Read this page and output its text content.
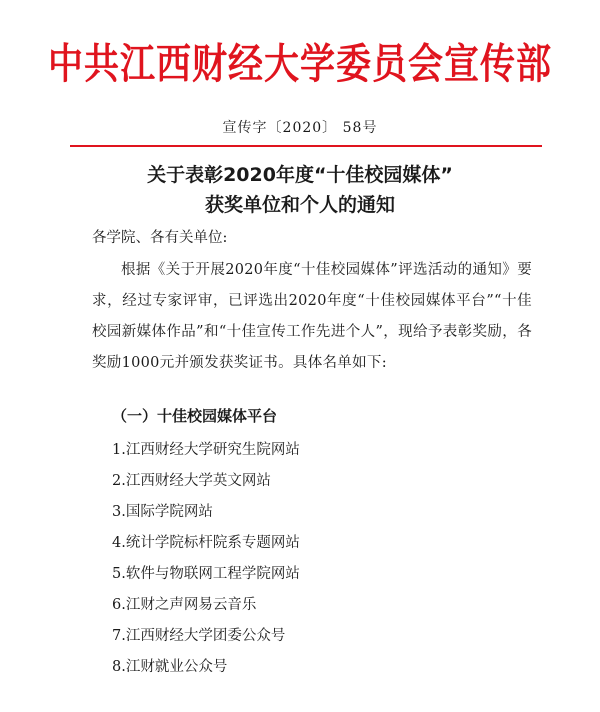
中共江西财经大学委员会宣传部
宣传字〔2020〕 58号
关于表彰2020年度“十佳校园媒体”
获奖单位和个人的通知
各学院、各有关单位:
根据《关于开展2020年度“十佳校园媒体”评选活动的通知》要求，经过专家评审，已评选出2020年度“十佳校园媒体平台”“十佳校园新媒体作品”和“十佳宣传工作先进个人”，现给予表彰奖励，各奖励1000元并颁发获奖证书。具体名单如下:
（一）十佳校园媒体平台
1.江西财经大学研究生院网站
2.江西财经大学英文网站
3.国际学院网站
4.统计学院标杆院系专题网站
5.软件与物联网工程学院网站
6.江财之声网易云音乐
7.江西财经大学团委公众号
8.江财就业公众号
